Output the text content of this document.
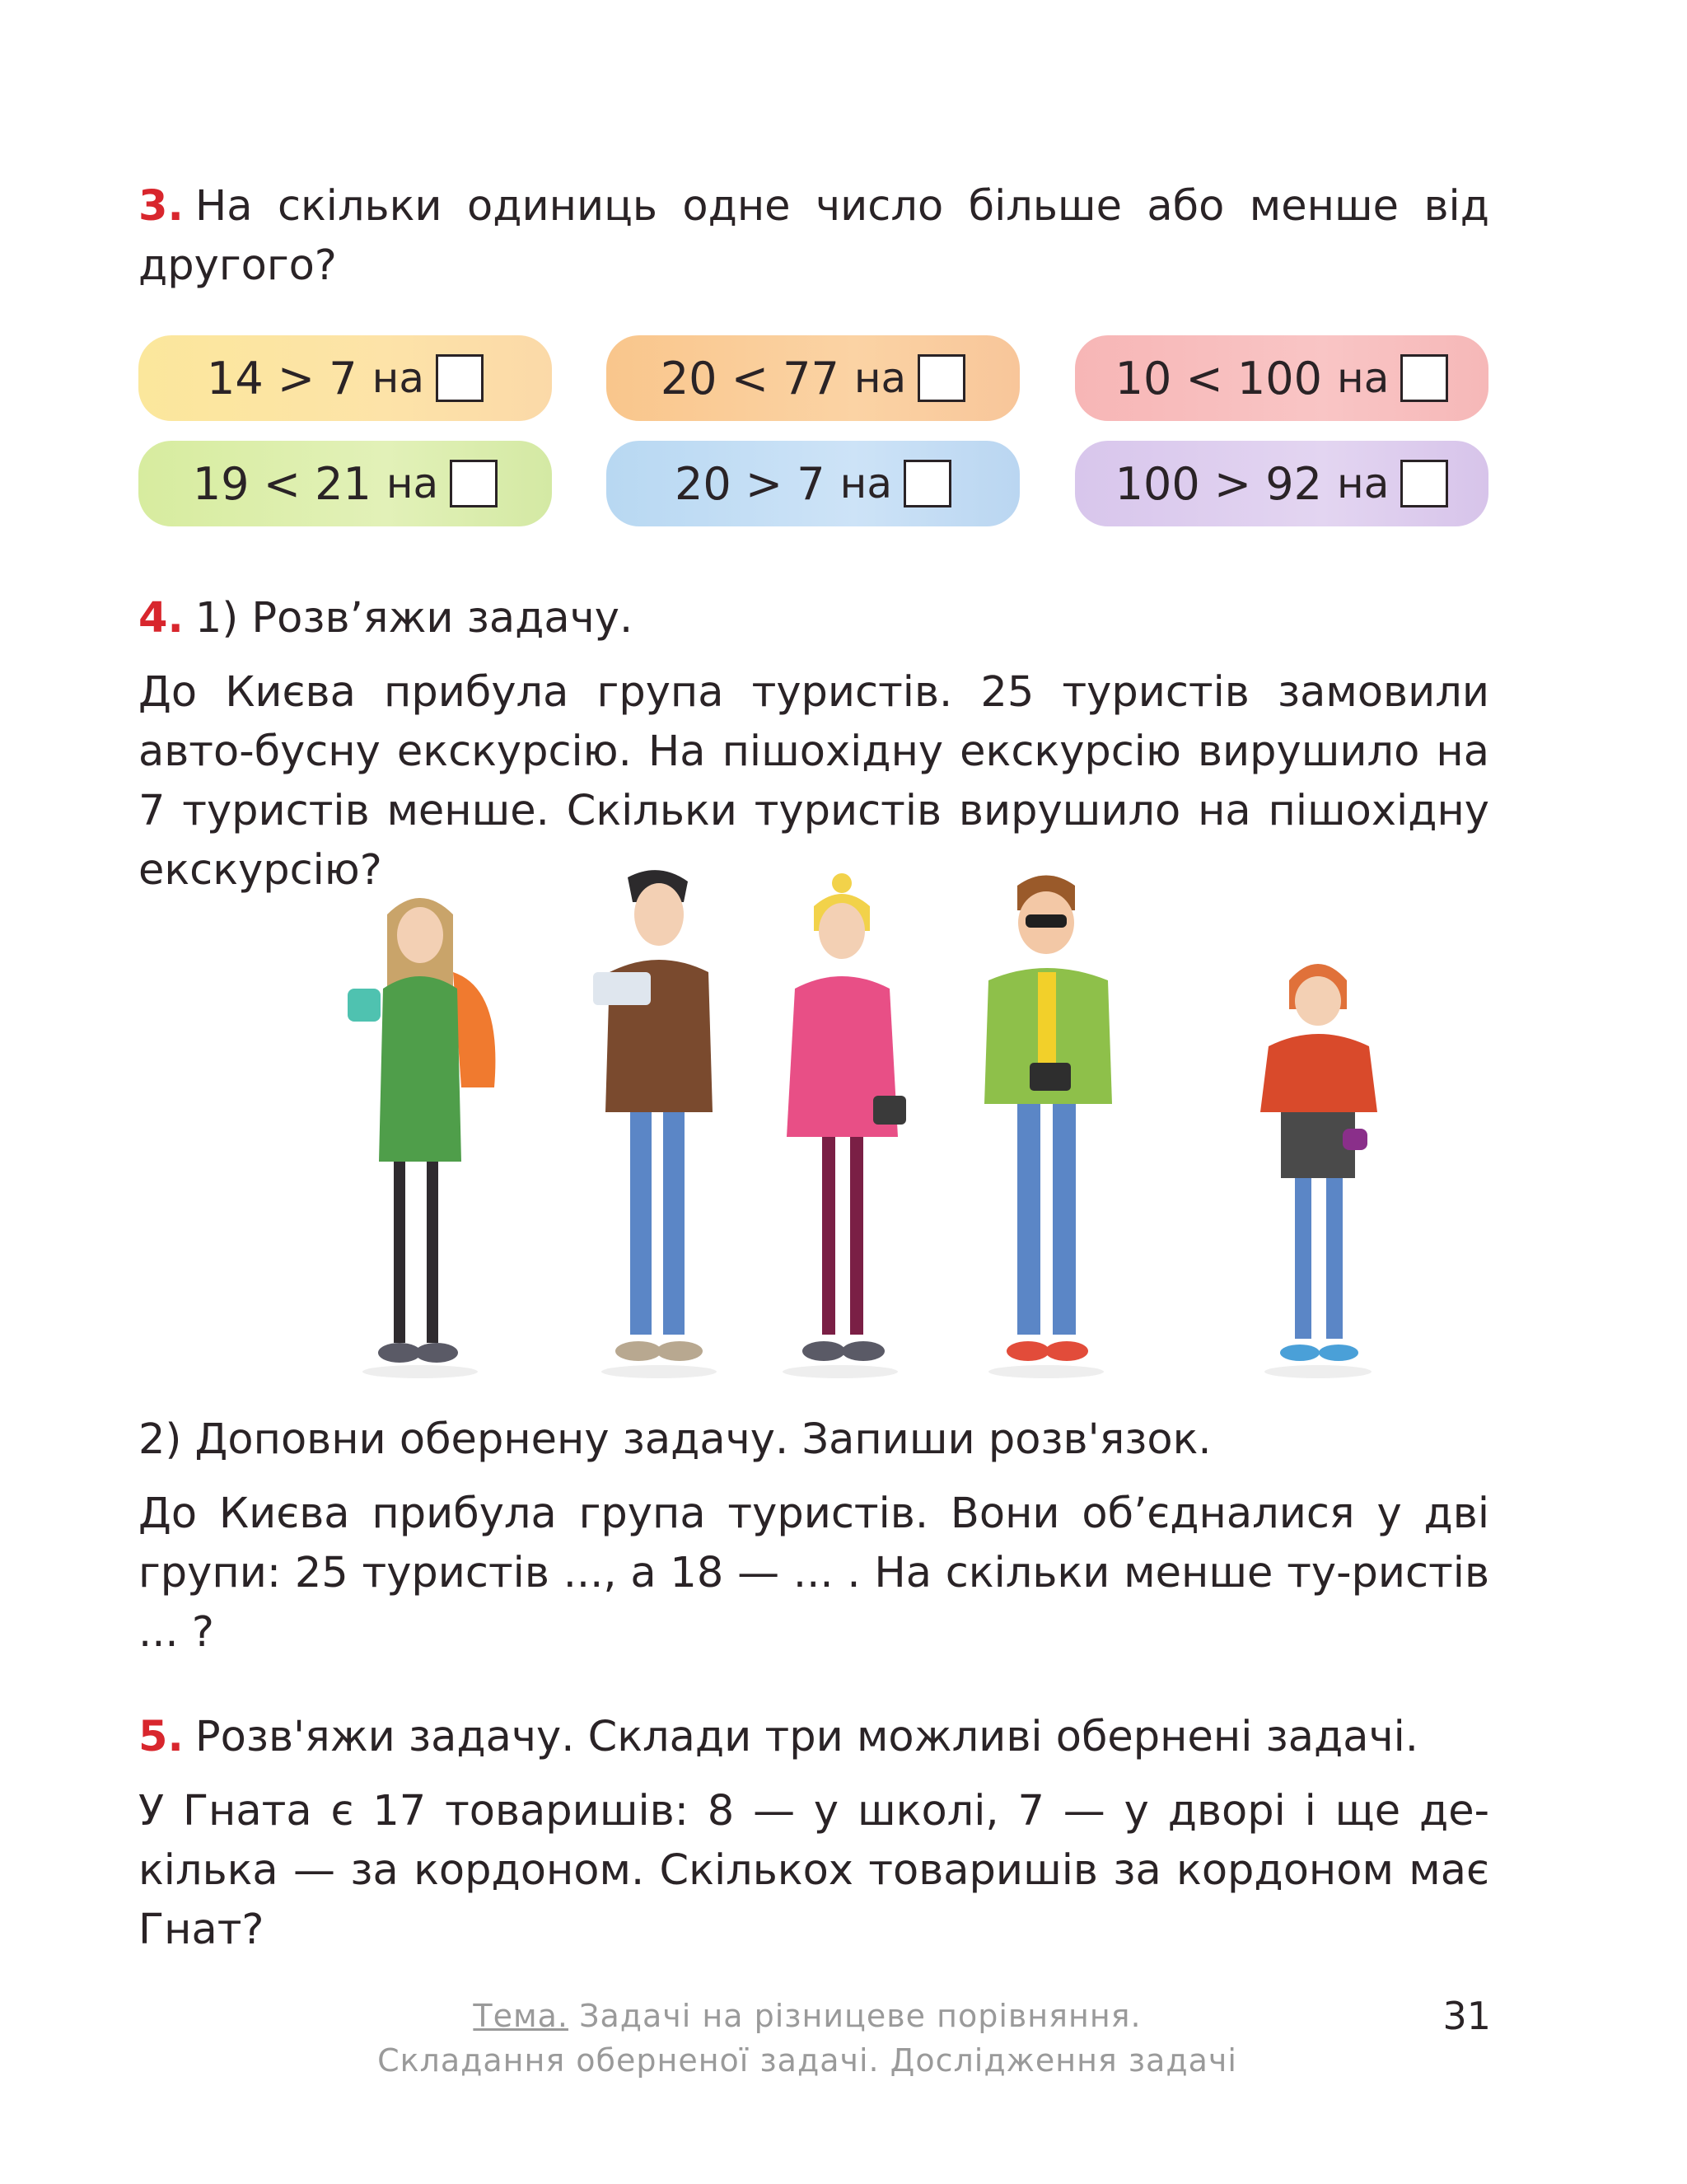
3. На скільки одиниць одне число більше або менше від другого?

14 > 7 на	20 < 77 на	10 < 100 на
19 < 21 на	20 > 7 на	100 > 92 на

4. 1) Розв’яжи задачу.

До Києва прибула група туристів. 25 туристів замовили авто-бусну екскурсію. На пішохідну екскурсію вирушило на 7 туристів менше. Скільки туристів вирушило на пішохідну екскурсію?

2) Доповни обернену задачу. Запиши розв'язок.

До Києва прибула група туристів. Вони об’єдналися у дві групи: 25 туристів ..., а 18 — ... . На скільки менше ту-ристів ... ?

5. Розв'яжи задачу. Склади три можливі обернені задачі.

У Гната є 17 товаришів: 8 — у школі, 7 — у дворі і ще де-кілька — за кордоном. Скількох товаришів за кордоном має Гнат?

Тема. Задачі на різницеве порівняння.
Складання оберненої задачі. Дослідження задачі
31
